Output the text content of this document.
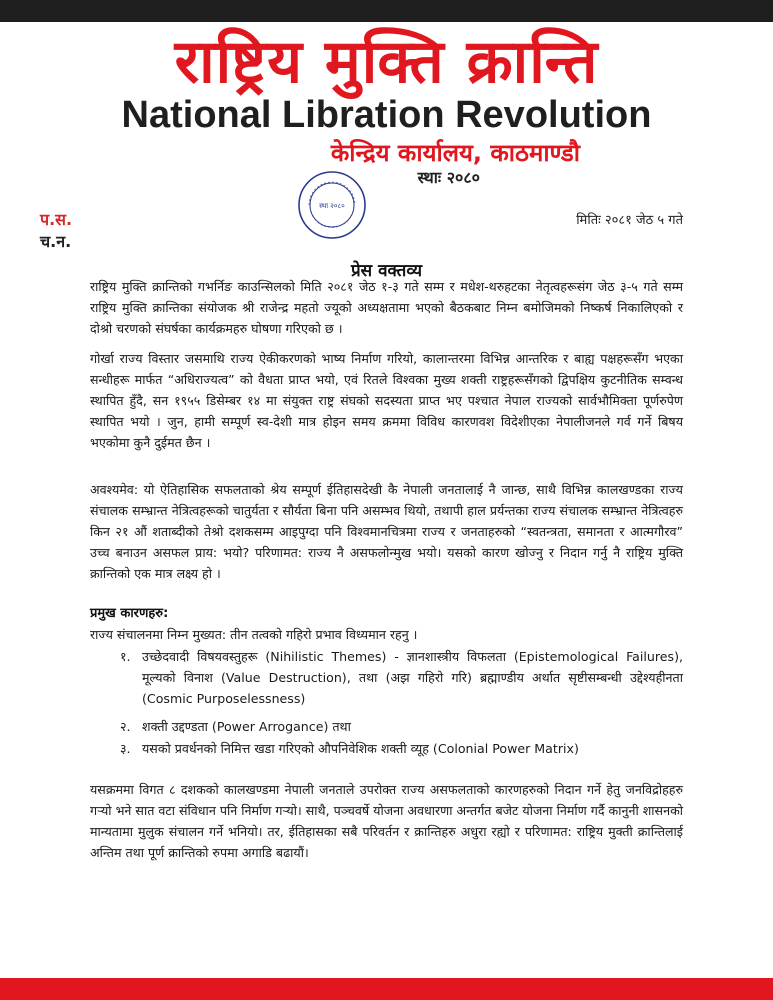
राष्ट्रिय मुक्ति क्रान्ति
National Libration Revolution
केन्द्रिय कार्यालय, काठमाण्डौ
स्थाः २०८०
स्था २०८०
प.स.
च.न.
मितिः २०८१ जेठ ५ गते
प्रेस वक्तव्य

राष्ट्रिय मुक्ति क्रान्तिको गभर्निङ काउन्सिलको मिति २०८१ जेठ १-३ गते सम्म र मधेश-थरुहटका नेतृत्वहरूसंग जेठ ३-५ गते सम्म राष्ट्रिय मुक्ति क्रान्तिका संयोजक श्री राजेन्द्र महतो ज्यूको अध्यक्षतामा भएको बैठकबाट निम्न बमोजिमको निष्कर्ष निकालिएको र दोश्रो चरणको संघर्षका कार्यक्रमहरु घोषणा गरिएको छ ।

गोर्खा राज्य विस्तार जसमाथि राज्य ऐकीकरणको भाष्य निर्माण गरियो, कालान्तरमा विभिन्न आन्तरिक र बाह्य पक्षहरूसँग भएका सन्धीहरू मार्फत “अधिराज्यत्व” को वैधता प्राप्त भयो, एवं रितले विश्वका मुख्य शक्ती राष्ट्रहरूसँगको द्विपक्षिय कुटनीतिक सम्वन्ध स्थापित हुँदै, सन १९५५ डिसेम्बर १४ मा संयुक्त राष्ट्र संघको सदस्यता प्राप्त भए पश्चात नेपाल राज्यको सार्वभौमिक्ता पूर्णरुपेण स्थापित भयो । जुन, हामी सम्पूर्ण स्व-देशी मात्र होइन समय क्रममा विविध कारणवश विदेशीएका नेपालीजनले गर्व गर्ने बिषय भएकोमा कुनै दुईमत छैन ।

अवश्यमेव: यो ऐतिहासिक सफलताको श्रेय सम्पूर्ण ईतिहासदेखी कै नेपाली जनतालाई नै जान्छ, साथै विभिन्न कालखण्डका राज्य संचालक सम्भ्रान्त नेत्रित्वहरूको चातुर्यता र सौर्यता बिना पनि असम्भव थियो, तथापी हाल प्रर्यन्तका राज्य संचालक सम्भ्रान्त नेत्रित्वहरु किन २१ औं शताब्दीको तेश्रो दशकसम्म आइपुग्दा पनि विश्वमानचित्रमा राज्य र जनताहरुको “स्वतन्त्रता, समानता र आत्मगौरव” उच्च बनाउन असफल प्राय: भयो? परिणामत: राज्य नै असफलोन्मुख भयो। यसको कारण खोज्नु र निदान गर्नु नै राष्ट्रिय मुक्ति क्रान्तिको एक मात्र लक्ष्य हो ।

प्रमुख कारणहरु:
राज्य संचालनमा निम्न मुख्यत: तीन तत्वको गहिरो प्रभाव विध्यमान रहनु ।
१. उच्छेदवादी विषयवस्तुहरू (Nihilistic Themes) - ज्ञानशास्त्रीय विफलता (Epistemological Failures), मूल्यको विनाश (Value Destruction), तथा (अझ गहिरो गरि) ब्रह्माण्डीय अर्थात सृष्टीसम्बन्धी उद्देश्यहीनता (Cosmic Purposelessness)
२. शक्ती उद्दण्डता (Power Arrogance) तथा
३. यसको प्रवर्धनको निमित्त खडा गरिएको औपनिवेशिक शक्ती व्यूह (Colonial Power Matrix)

यसक्रममा विगत ८ दशकको कालखण्डमा नेपाली जनताले उपरोक्त राज्य असफलताको कारणहरुको निदान गर्ने हेतु जनविद्रोहहरु गऱ्यो भने सात वटा संविधान पनि निर्माण गऱ्यो। साथै, पञ्चवर्षे योजना अवधारणा अन्तर्गत बजेट योजना निर्माण गर्दै कानुनी शासनको मान्यतामा मुलुक संचालन गर्ने भनियो। तर, ईतिहासका सबै परिवर्तन र क्रान्तिहरु अधुरा रह्यो र परिणामत: राष्ट्रिय मुक्ती क्रान्तिलाई अन्तिम तथा पूर्ण क्रान्तिको रुपमा अगाडि बढायौं।
